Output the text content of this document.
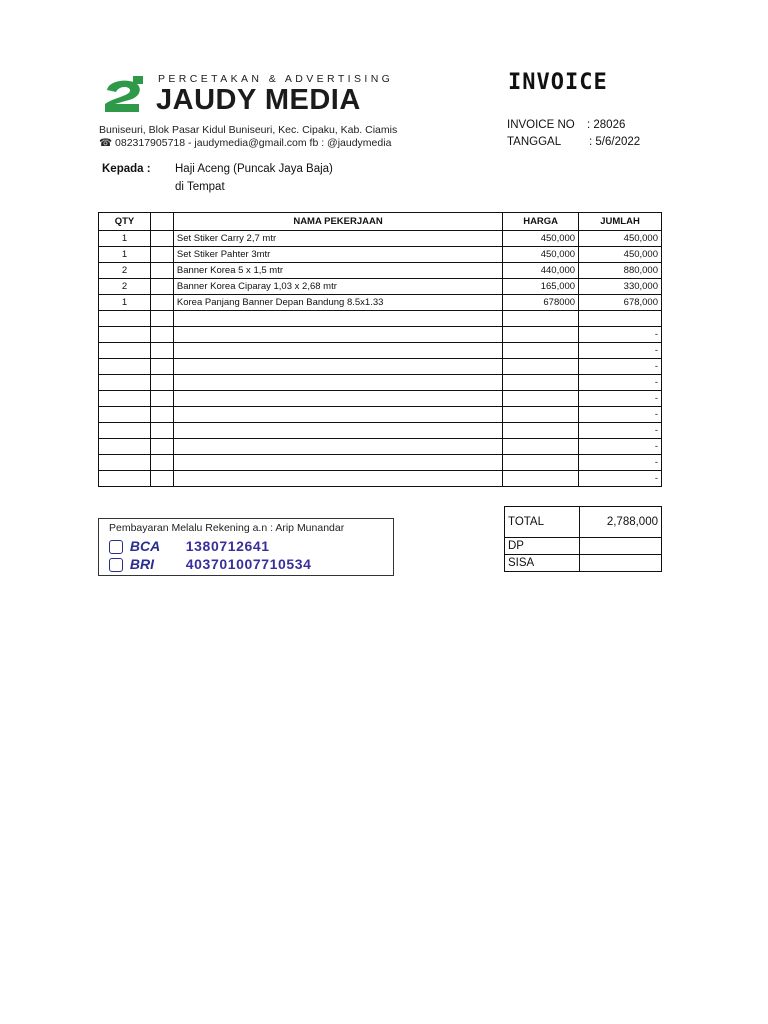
PERCETAKAN & ADVERTISING
JAUDY MEDIA
Buniseuri, Blok Pasar Kidul Buniseuri, Kec. Cipaku, Kab. Ciamis
☎ 082317905718 - jaudymedia@gmail.com fb : @jaudymedia
INVOICE
INVOICE NO : 28026
TANGGAL : 5/6/2022
Kepada : Haji Aceng (Puncak Jaya Baja)
di Tempat
QTY		NAMA PEKERJAAN	HARGA	JUMLAH
1		Set Stiker Carry 2,7 mtr	450,000	450,000
1		Set Stiker Pahter 3mtr	450,000	450,000
2		Banner Korea 5 x 1,5 mtr	440,000	880,000
2		Banner Korea Ciparay 1,03 x 2,68 mtr	165,000	330,000
1		Korea Panjang Banner Depan Bandung 8.5x1.33	678000	678,000

				-
				-
				-
				-
				-
				-
				-
				-
				-
				-
TOTAL	2,788,000
DP	
SISA	
Pembayaran Melalu Rekening a.n : Arip Munandar
BCA 1380712641
BRI 403701007710534
